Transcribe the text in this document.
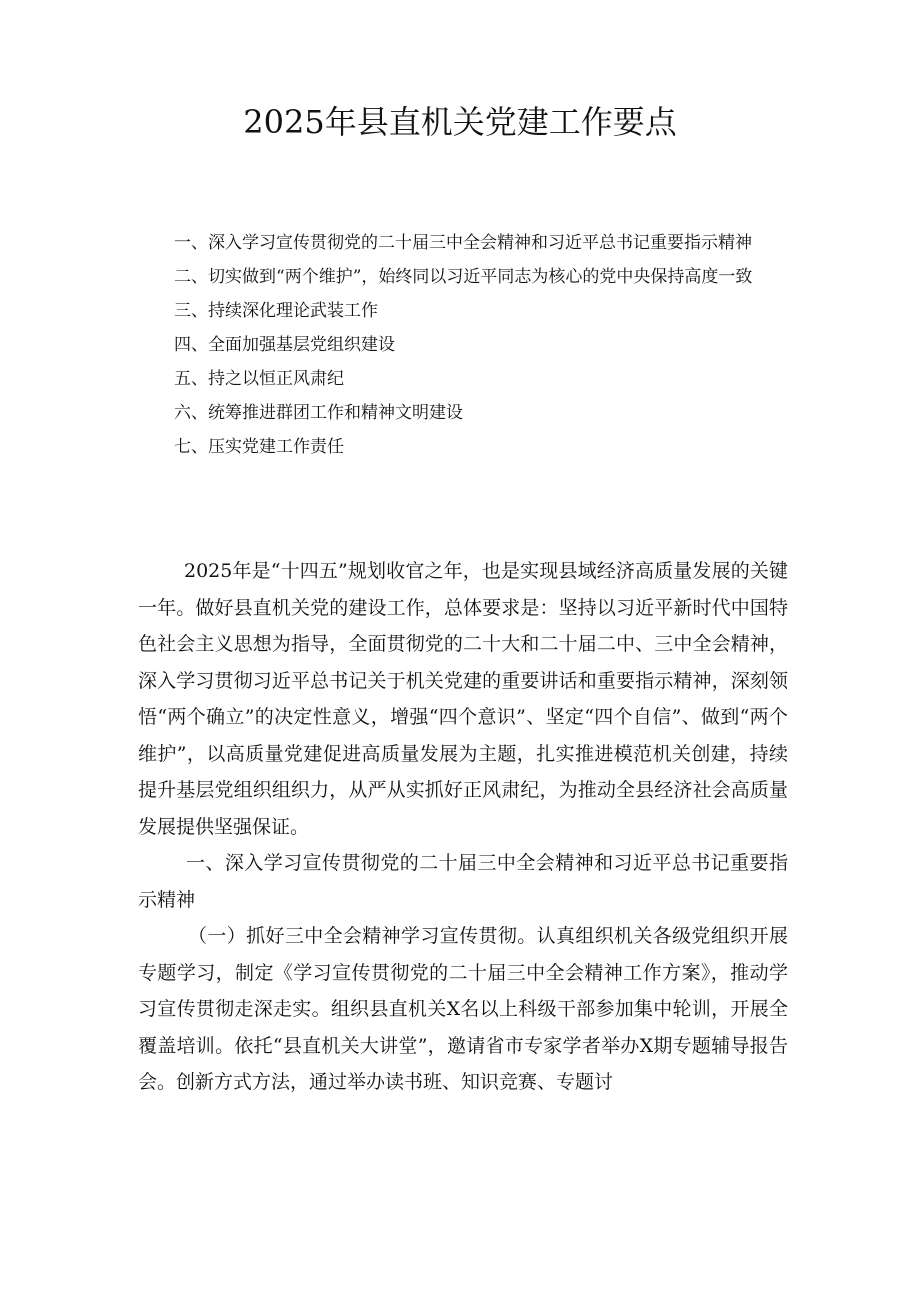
2025年县直机关党建工作要点

一、深入学习宣传贯彻党的二十届三中全会精神和习近平总书记重要指示精神

二、切实做到“两个维护”，始终同以习近平同志为核心的党中央保持高度一致

三、持续深化理论武装工作

四、全面加强基层党组织建设

五、持之以恒正风肃纪

六、统筹推进群团工作和精神文明建设

七、压实党建工作责任

2025年是“十四五”规划收官之年，也是实现县域经济高质量发展的关键一年。做好县直机关党的建设工作，总体要求是：坚持以习近平新时代中国特色社会主义思想为指导，全面贯彻党的二十大和二十届二中、三中全会精神，深入学习贯彻习近平总书记关于机关党建的重要讲话和重要指示精神，深刻领悟“两个确立”的决定性意义，增强“四个意识”、坚定“四个自信”、做到“两个维护”，以高质量党建促进高质量发展为主题，扎实推进模范机关创建，持续提升基层党组织组织力，从严从实抓好正风肃纪，为推动全县经济社会高质量发展提供坚强保证。

一、深入学习宣传贯彻党的二十届三中全会精神和习近平总书记重要指示精神

（一）抓好三中全会精神学习宣传贯彻。认真组织机关各级党组织开展专题学习，制定《学习宣传贯彻党的二十届三中全会精神工作方案》，推动学习宣传贯彻走深走实。组织县直机关X名以上科级干部参加集中轮训，开展全覆盖培训。依托“县直机关大讲堂”，邀请省市专家学者举办X期专题辅导报告会。创新方式方法，通过举办读书班、知识竞赛、专题讨
